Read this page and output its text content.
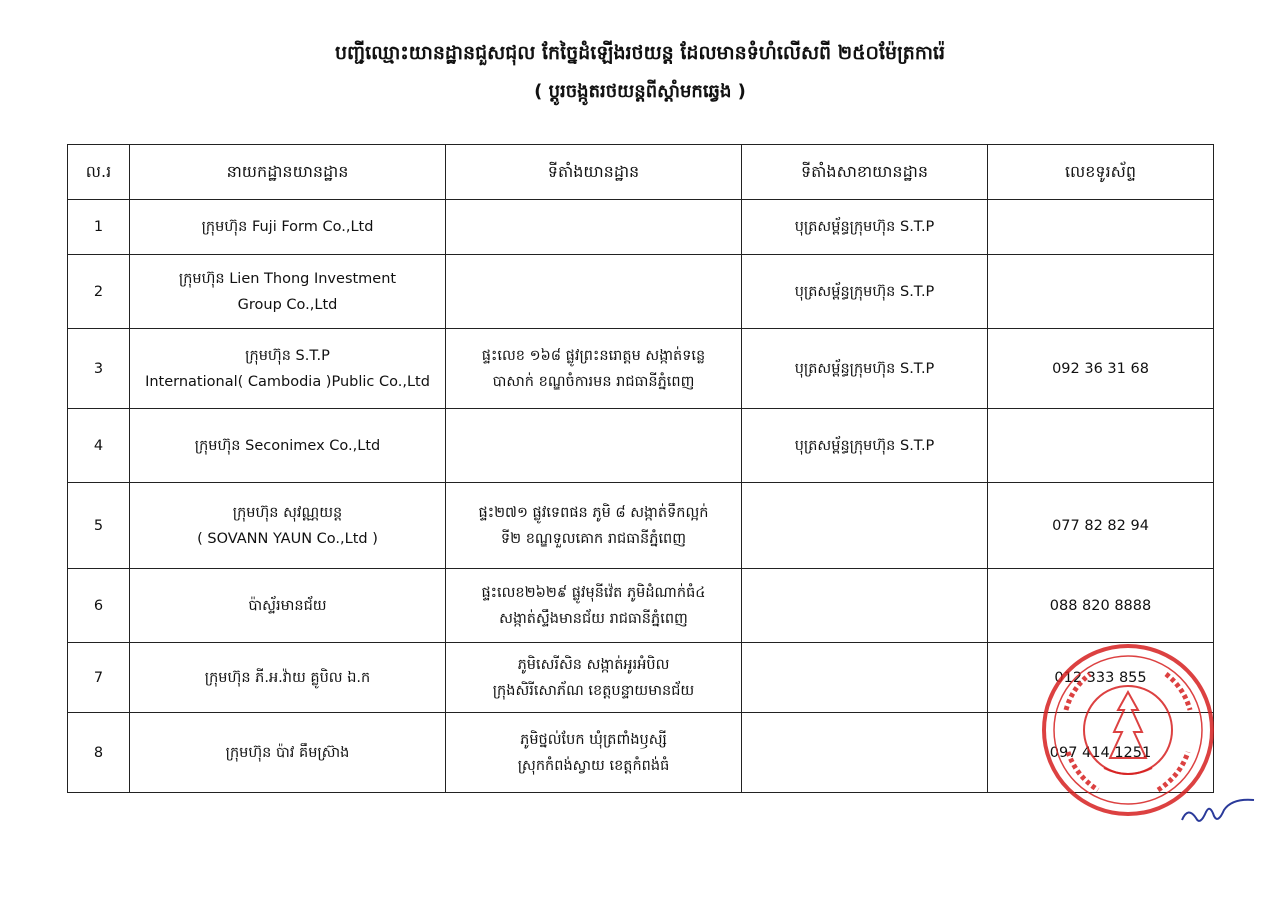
បញ្ជីឈ្មោះយានដ្ឋានជួសជុល កែច្នៃដំឡើងរថយន្ត ដែលមានទំហំលើសពី ២៥០ម៉ែត្រការ៉េ
( ប្តូរចង្កូតរថយន្តពីស្តាំមកឆ្វេង )
ល.រ	នាយកដ្ឋានយានដ្ឋាន	ទីតាំងយានដ្ឋាន	ទីតាំងសាខាយានដ្ឋាន	លេខទូរស័ព្ទ
1	ក្រុមហ៊ុន Fuji Form Co.,Ltd		បុត្រសម្ព័ន្ធក្រុមហ៊ុន S.T.P	
2	ក្រុមហ៊ុន Lien Thong Investment
Group Co.,Ltd		បុត្រសម្ព័ន្ធក្រុមហ៊ុន S.T.P	
3	ក្រុមហ៊ុន S.T.P
International( Cambodia )Public Co.,Ltd	ផ្ទះលេខ ១៦៨ ផ្លូវព្រះនរោត្តម សង្កាត់ទន្លេ
បាសាក់ ខណ្ឌចំការមន រាជធានីភ្នំពេញ	បុត្រសម្ព័ន្ធក្រុមហ៊ុន S.T.P	092 36 31 68
4	ក្រុមហ៊ុន Seconimex Co.,Ltd		បុត្រសម្ព័ន្ធក្រុមហ៊ុន S.T.P	
5	ក្រុមហ៊ុន សុវណ្ណយន្ត
( SOVANN YAUN Co.,Ltd )	ផ្ទះ២៧១ ផ្លូវទេពផន ភូមិ ៨ សង្កាត់ទឹកល្អក់
ទី២ ខណ្ឌទួលគោក រាជធានីភ្នំពេញ		077 82 82 94
6	ប៉ាស្ទ័រមានជ័យ	ផ្ទះលេខ២៦២៩ ផ្លូវមុនីវ៉េត ភូមិដំណាក់ធំ៤
សង្កាត់ស្ទឹងមានជ័យ រាជធានីភ្នំពេញ		088 820 8888
7	ក្រុមហ៊ុន ភី.អ.វ៉ាយ គ្លូបិល ឯ.ក	ភូមិសេរីសិន សង្កាត់អូរអំបិល
ក្រុងសិរីសោភ័ណ ខេត្តបន្ទាយមានជ័យ		012 333 855
8	ក្រុមហ៊ុន ប៉ាវ គឹមស្រ៊ាង	ភូមិថ្នល់បែក ឃុំត្រពាំងឫស្សី
ស្រុកកំពង់ស្វាយ ខេត្តកំពង់ធំ		097 414 1251
